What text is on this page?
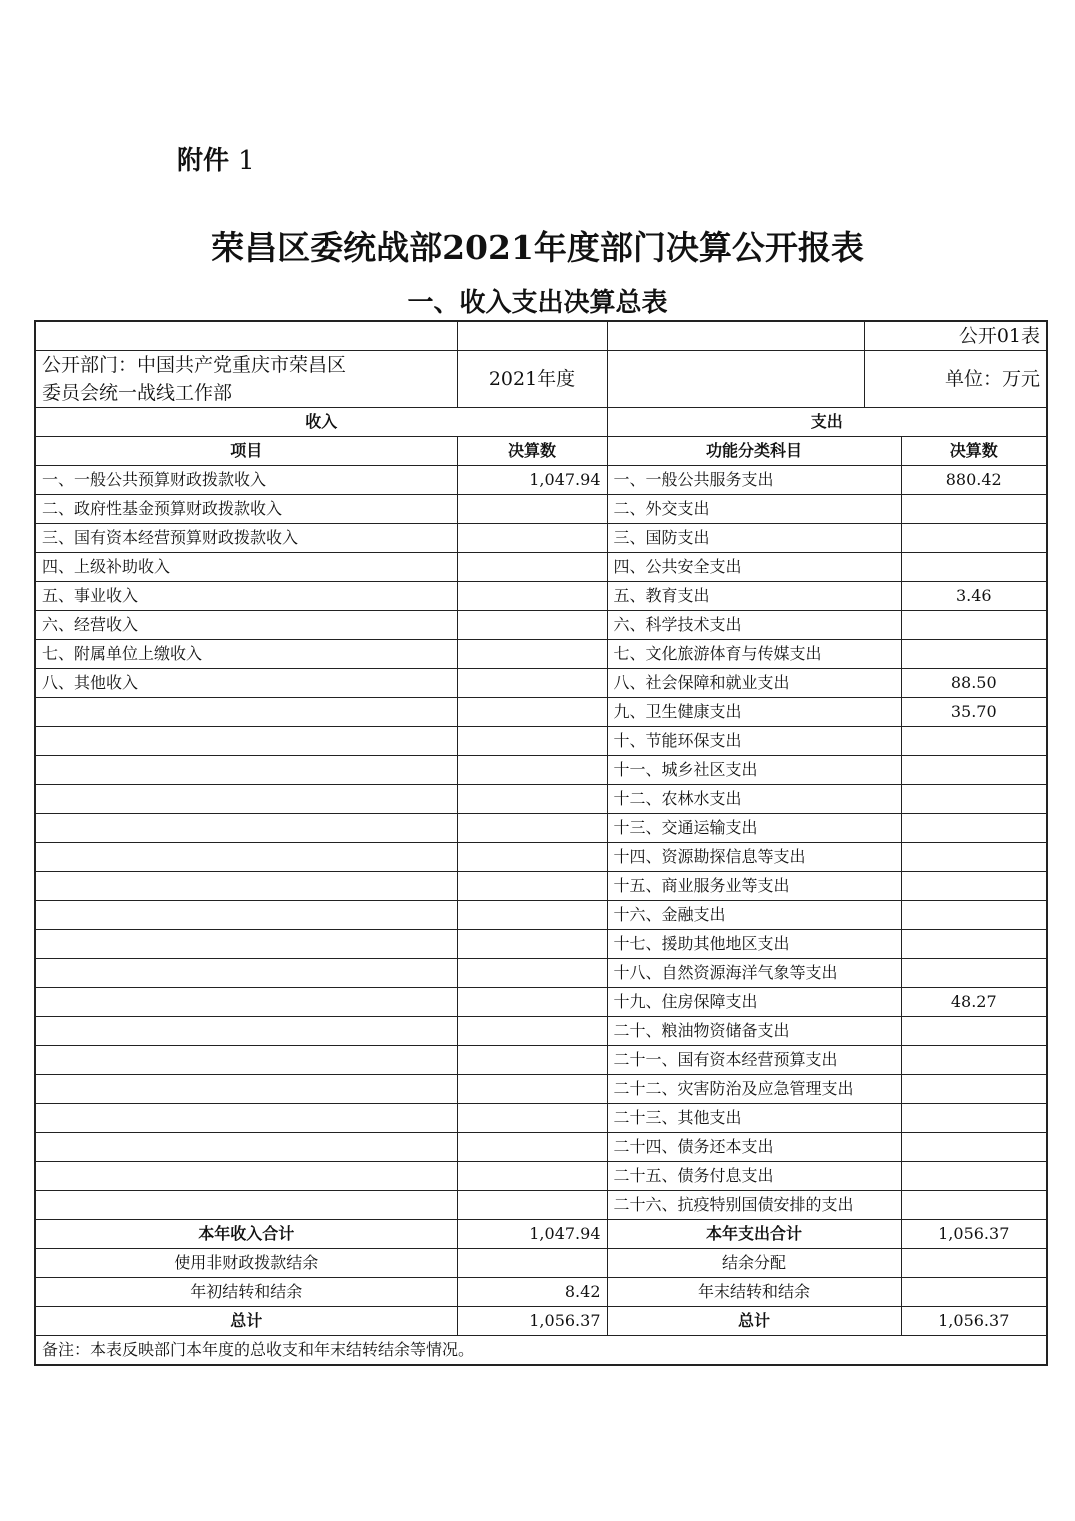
附件 1
荣昌区委统战部2021年度部门决算公开报表
一、收入支出决算总表
			公开01表	
公开部门：中国共产党重庆市荣昌区
委员会统一战线工作部	2021年度		单位：万元	
收入		支出		
项目	决算数	功能分类科目		决算数
一、一般公共预算财政拨款收入	1,047.94	一、一般公共服务支出		880.42
二、政府性基金预算财政拨款收入		二、外交支出		
三、国有资本经营预算财政拨款收入		三、国防支出		
四、上级补助收入		四、公共安全支出		
五、事业收入		五、教育支出		3.46
六、经营收入		六、科学技术支出		
七、附属单位上缴收入		七、文化旅游体育与传媒支出		
八、其他收入		八、社会保障和就业支出		88.50
		九、卫生健康支出		35.70
		十、节能环保支出		
		十一、城乡社区支出		
		十二、农林水支出		
		十三、交通运输支出		
		十四、资源勘探信息等支出		
		十五、商业服务业等支出		
		十六、金融支出		
		十七、援助其他地区支出		
		十八、自然资源海洋气象等支出		
		十九、住房保障支出		48.27
		二十、粮油物资储备支出		
		二十一、国有资本经营预算支出		
		二十二、灾害防治及应急管理支出		
		二十三、其他支出		
		二十四、债务还本支出		
		二十五、债务付息支出		
		二十六、抗疫特别国债安排的支出		
本年收入合计	1,047.94	本年支出合计		1,056.37
使用非财政拨款结余		结余分配		
年初结转和结余	8.42	年末结转和结余		
总计	1,056.37	总计		1,056.37
备注：本表反映部门本年度的总收支和年末结转结余等情况。				
